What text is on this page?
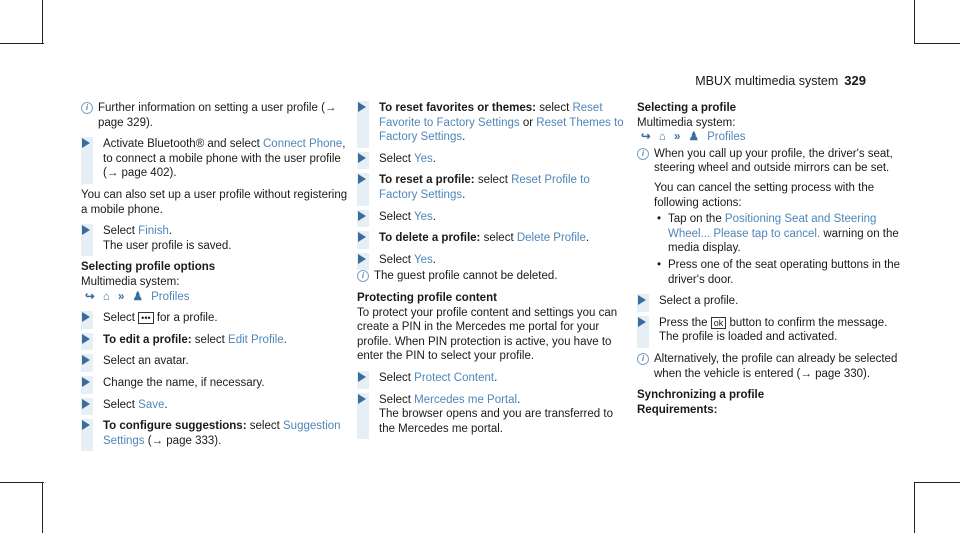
MBUX multimedia system 329
i Further information on setting a user profile (→ page 329).
Activate Bluetooth® and select Connect Phone, to connect a mobile phone with the user profile (→ page 402).
You can also set up a user profile without registering a mobile phone.
Select Finish.
The user profile is saved.
Selecting profile options
Multimedia system:
↪ ⌂ » ♟ Profiles
Select ••• for a profile.
To edit a profile: select Edit Profile.
Select an avatar.
Change the name, if necessary.
Select Save.
To configure suggestions: select Suggestion Settings (→ page 333).
To reset favorites or themes: select Reset Favorite to Factory Settings or Reset Themes to Factory Settings.
Select Yes.
To reset a profile: select Reset Profile to Factory Settings.
Select Yes.
To delete a profile: select Delete Profile.
Select Yes.
i The guest profile cannot be deleted.
Protecting profile content
To protect your profile content and settings you can create a PIN in the Mercedes me portal for your profile. When PIN protection is active, you have to enter the PIN to select your profile.
Select Protect Content.
Select Mercedes me Portal.
The browser opens and you are transferred to the Mercedes me portal.
Selecting a profile
Multimedia system:
↪ ⌂ » ♟ Profiles
i When you call up your profile, the driver's seat, steering wheel and outside mirrors can be set.
You can cancel the setting process with the following actions:
• Tap on the Positioning Seat and Steering Wheel... Please tap to cancel. warning on the media display.
• Press one of the seat operating buttons in the driver's door.
Select a profile.
Press the ok button to confirm the message.
The profile is loaded and activated.
i Alternatively, the profile can already be selected when the vehicle is entered (→ page 330).
Synchronizing a profile
Requirements:
